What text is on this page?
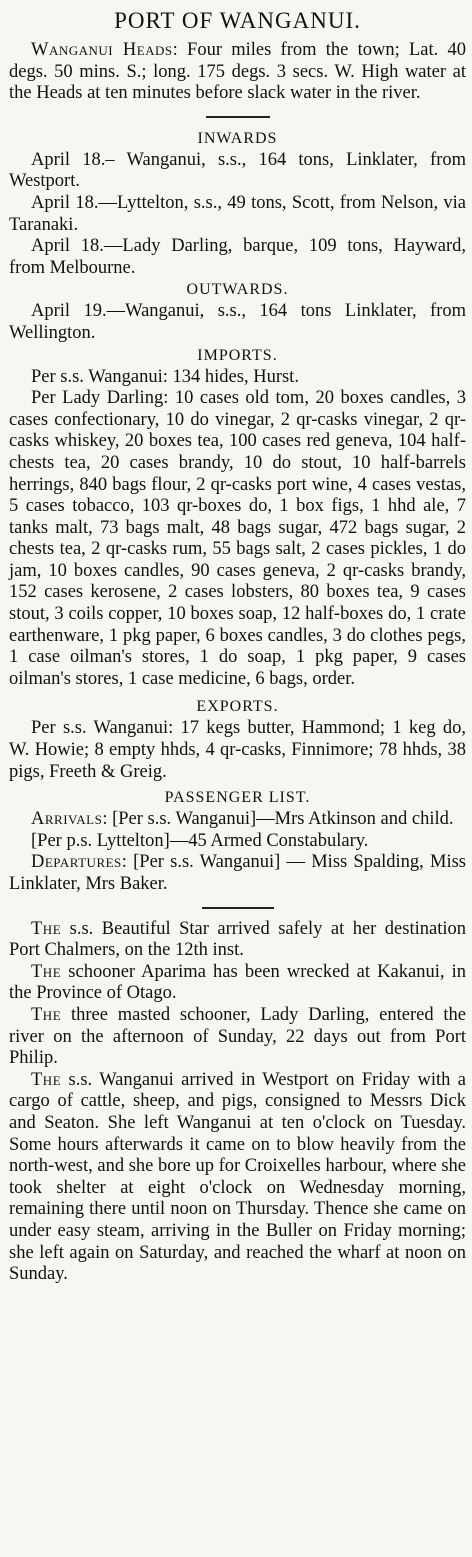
PORT OF WANGANUI.

Wanganui Heads: Four miles from the town; Lat. 40 degs. 50 mins. S.; long. 175 degs. 3 secs. W. High water at the Heads at ten minutes before slack water in the river.

INWARDS

April 18.– Wanganui, s.s., 164 tons, Linklater, from Westport.

April 18.—Lyttelton, s.s., 49 tons, Scott, from Nelson, via Taranaki.

April 18.—Lady Darling, barque, 109 tons, Hayward, from Melbourne.

OUTWARDS.

April 19.—Wanganui, s.s., 164 tons Linklater, from Wellington.

IMPORTS.

Per s.s. Wanganui: 134 hides, Hurst.

Per Lady Darling: 10 cases old tom, 20 boxes candles, 3 cases confectionary, 10 do vinegar, 2 qr-casks vinegar, 2 qr-casks whiskey, 20 boxes tea, 100 cases red geneva, 104 half-chests tea, 20 cases brandy, 10 do stout, 10 half-barrels herrings, 840 bags flour, 2 qr-casks port wine, 4 cases vestas, 5 cases tobacco, 103 qr-boxes do, 1 box figs, 1 hhd ale, 7 tanks malt, 73 bags malt, 48 bags sugar, 472 bags sugar, 2 chests tea, 2 qr-casks rum, 55 bags salt, 2 cases pickles, 1 do jam, 10 boxes candles, 90 cases geneva, 2 qr-casks brandy, 152 cases kerosene, 2 cases lobsters, 80 boxes tea, 9 cases stout, 3 coils copper, 10 boxes soap, 12 half-boxes do, 1 crate earthenware, 1 pkg paper, 6 boxes candles, 3 do clothes pegs, 1 case oilman's stores, 1 do soap, 1 pkg paper, 9 cases oilman's stores, 1 case medicine, 6 bags, order.

EXPORTS.

Per s.s. Wanganui: 17 kegs butter, Hammond; 1 keg do, W. Howie; 8 empty hhds, 4 qr-casks, Finnimore; 78 hhds, 38 pigs, Freeth & Greig.

PASSENGER LIST.

Arrivals: [Per s.s. Wanganui]—Mrs Atkinson and child.

[Per p.s. Lyttelton]—45 Armed Constabulary.

Departures: [Per s.s. Wanganui] — Miss Spalding, Miss Linklater, Mrs Baker.

The s.s. Beautiful Star arrived safely at her destination Port Chalmers, on the 12th inst.

The schooner Aparima has been wrecked at Kakanui, in the Province of Otago.

The three masted schooner, Lady Darling, entered the river on the afternoon of Sunday, 22 days out from Port Philip.

The s.s. Wanganui arrived in Westport on Friday with a cargo of cattle, sheep, and pigs, consigned to Messrs Dick and Seaton. She left Wanganui at ten o'clock on Tuesday. Some hours afterwards it came on to blow heavily from the north-west, and she bore up for Croixelles harbour, where she took shelter at eight o'clock on Wednesday morning, remaining there until noon on Thursday. Thence she came on under easy steam, arriving in the Buller on Friday morning; she left again on Saturday, and reached the wharf at noon on Sunday.
